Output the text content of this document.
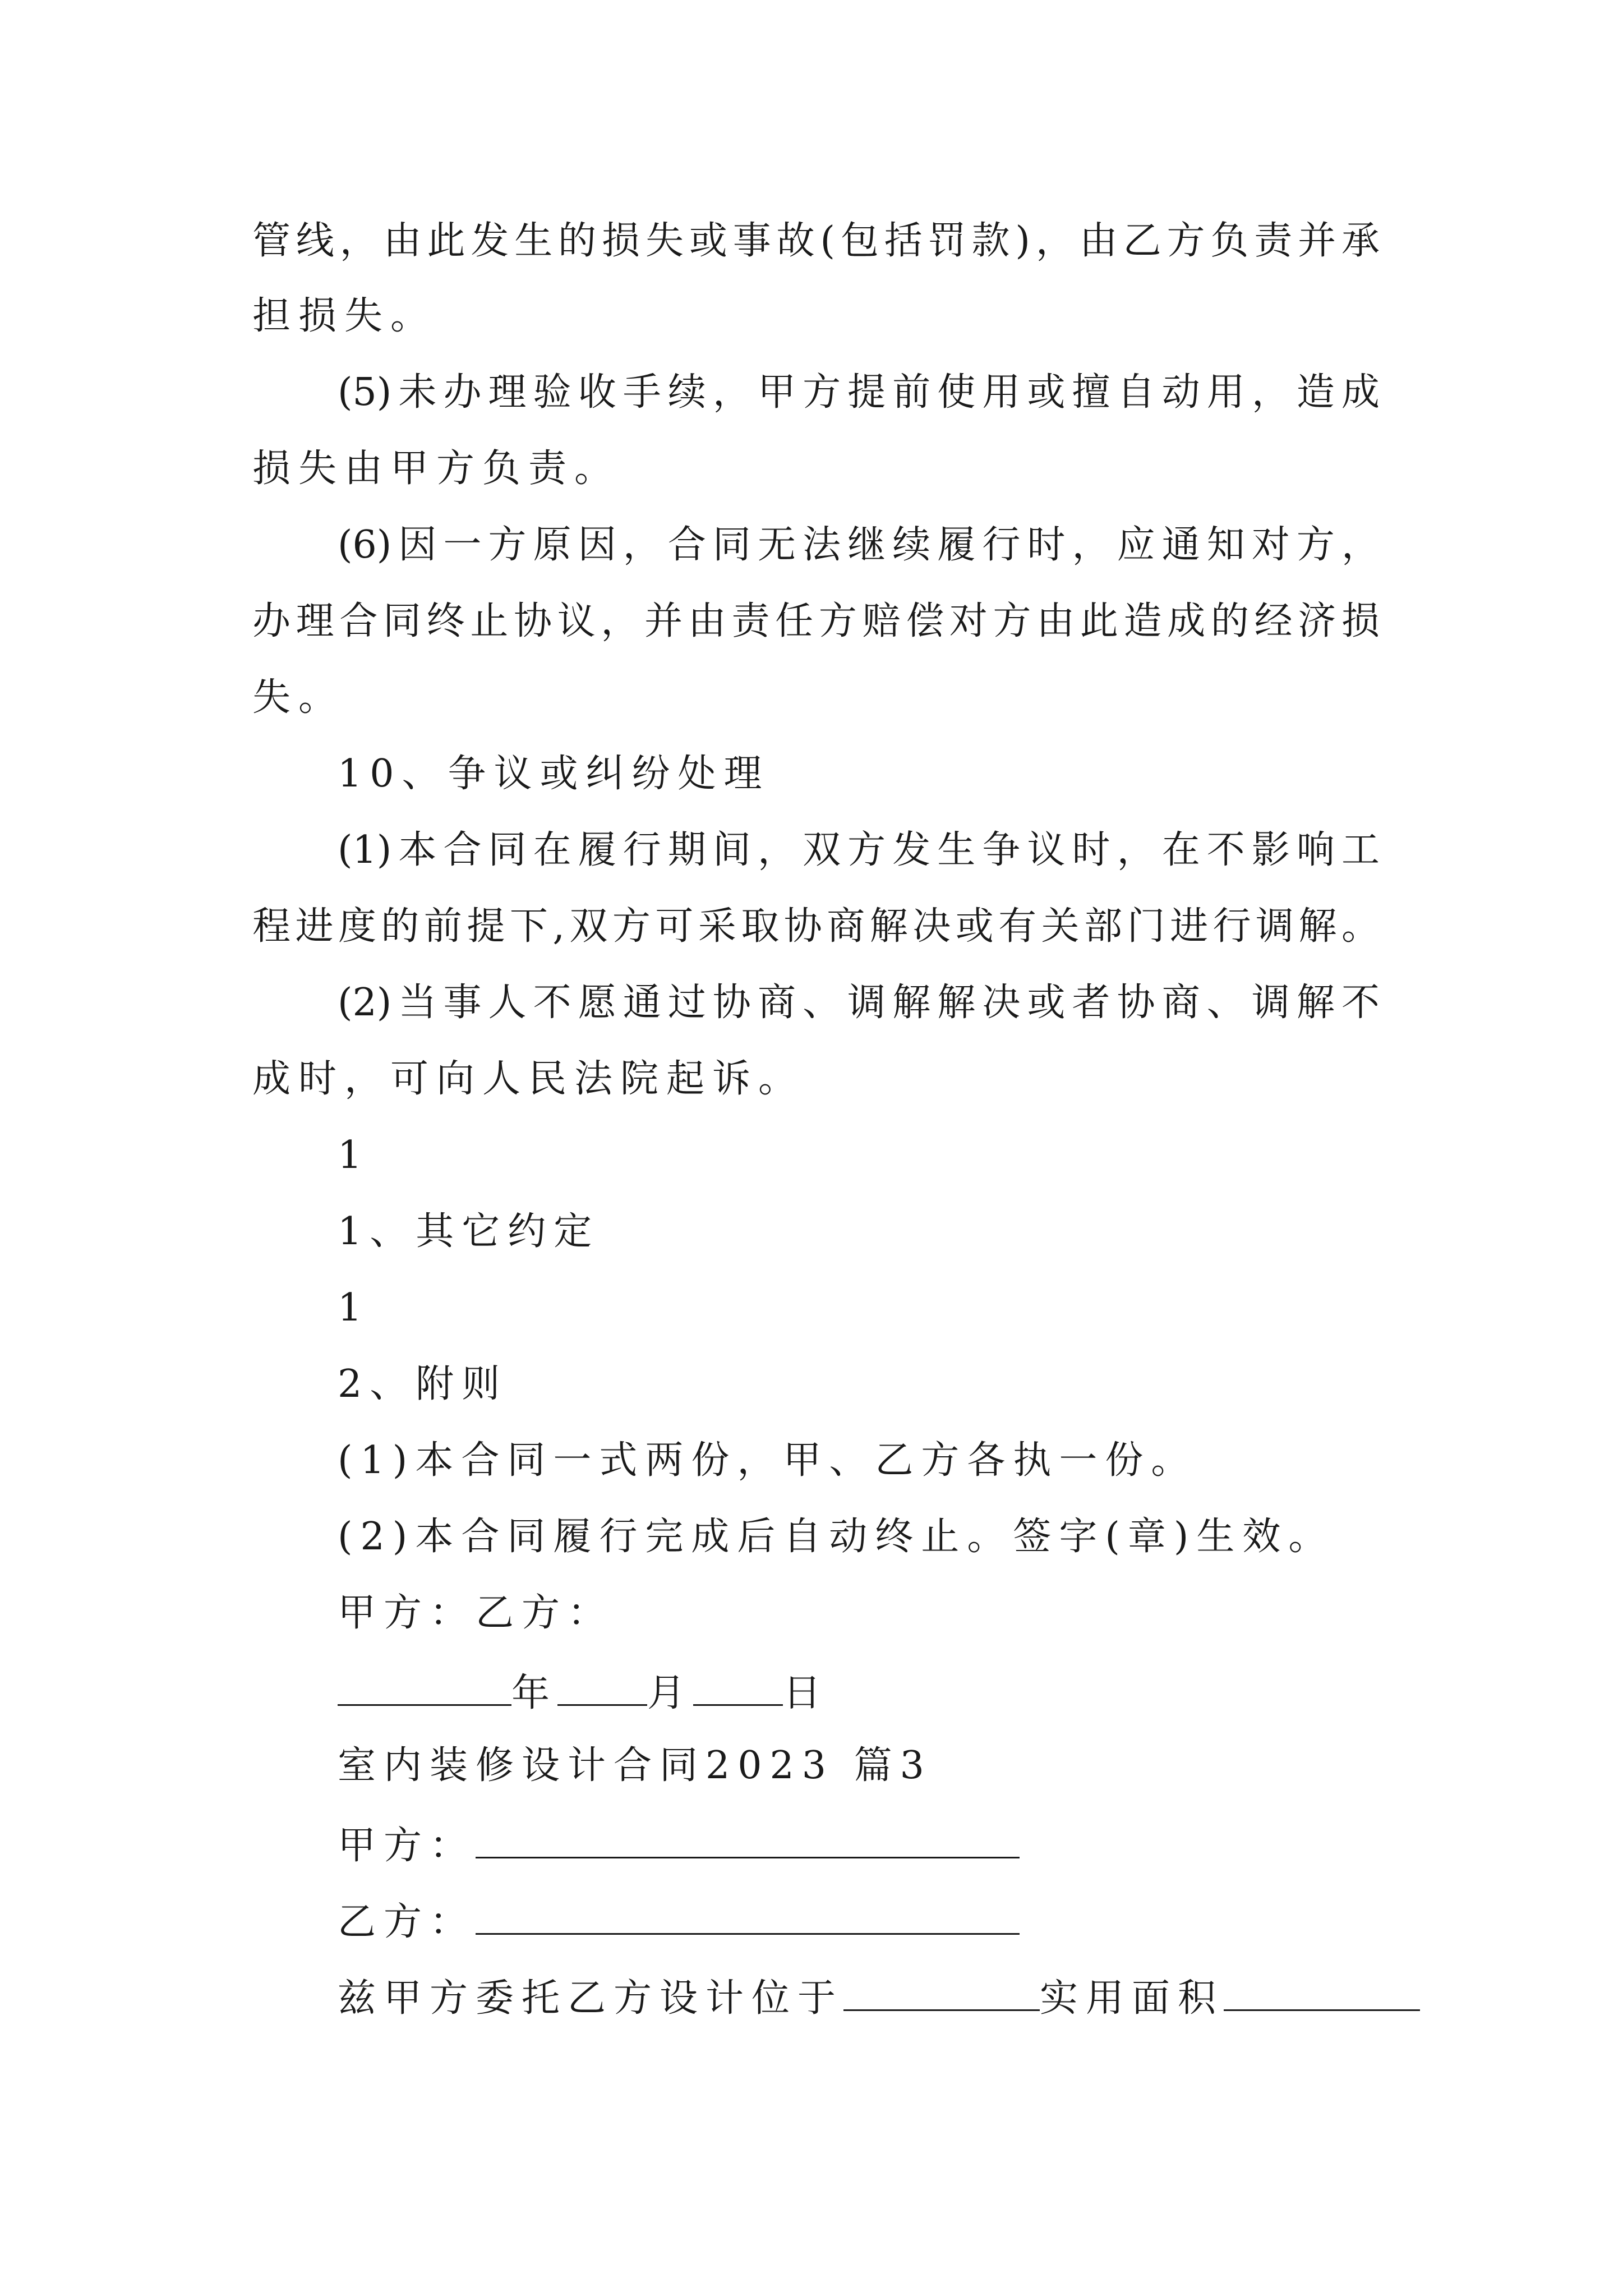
管线，由此发生的损失或事故(包括罚款)，由乙方负责并承
担损失。
(5)未办理验收手续，甲方提前使用或擅自动用，造成
损失由甲方负责。
(6)因一方原因，合同无法继续履行时，应通知对方，
办理合同终止协议，并由责任方赔偿对方由此造成的经济损
失。
10、争议或纠纷处理
(1)本合同在履行期间，双方发生争议时，在不影响工
程进度的前提下,双方可采取协商解决或有关部门进行调解。
(2)当事人不愿通过协商、调解解决或者协商、调解不
成时，可向人民法院起诉。
1
1、其它约定
1
2、附则
(1)本合同一式两份，甲、乙方各执一份。
(2)本合同履行完成后自动终止。签字(章)生效。
甲方：乙方：
年 月 日
室内装修设计合同2023 篇3
甲方：
乙方：
兹甲方委托乙方设计位于	实用面积
